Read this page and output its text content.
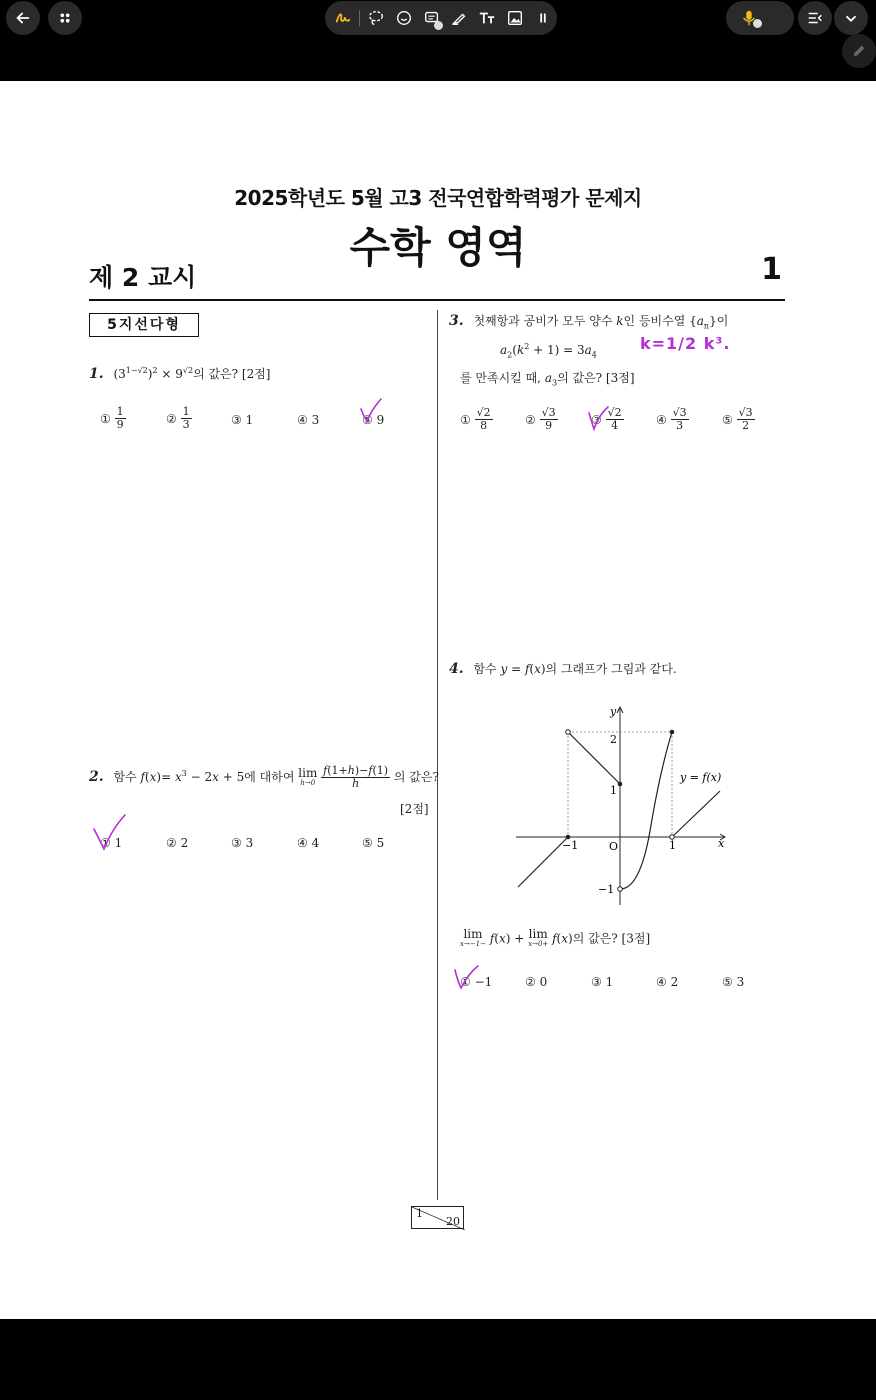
2025학년도 5월 고3 전국연합학력평가 문제지
수학 영역
제 2 교시	1
5지선다형
1. $(3^{1-√2})^2 \times 9^{√2}$의 값은? [2점]
①
$\frac{1}{9}$	②
$\frac{1}{3}$	③ 1	④ 3	⑤ 9
2. 함수 $f(x)= x^3 - 2x + 5$에 대하여 lim
h→0
$\frac{f(1+h)-f(1)}{h}$ 의 값은?
[2점]
① 1	② 2	③ 3	④ 4	⑤ 5
3. 첫째항과 공비가 모두 양수 k인 등비수열 $\{a_n\}$이
$a_2(k^2 + 1) = 3a_4$
를 만족시킬 때, $a_3$의 값은? [3점]
①
$\frac{√2}{8}$	②
$\frac{√3}{9}$	③
$\frac{√2}{4}$	④
$\frac{√3}{3}$	⑤
$\frac{√3}{2}$
4. 함수 y = f(x)의 그래프가 그림과 같다.
y
x
2
1
−1	O	1
−1
y = f(x)
lim
x→−1− f(x) + lim
x→0+ f(x)의 값은? [3점]
① −1	② 0	③ 1	④ 2	⑤ 3
k=1/2 k³.
1
20
